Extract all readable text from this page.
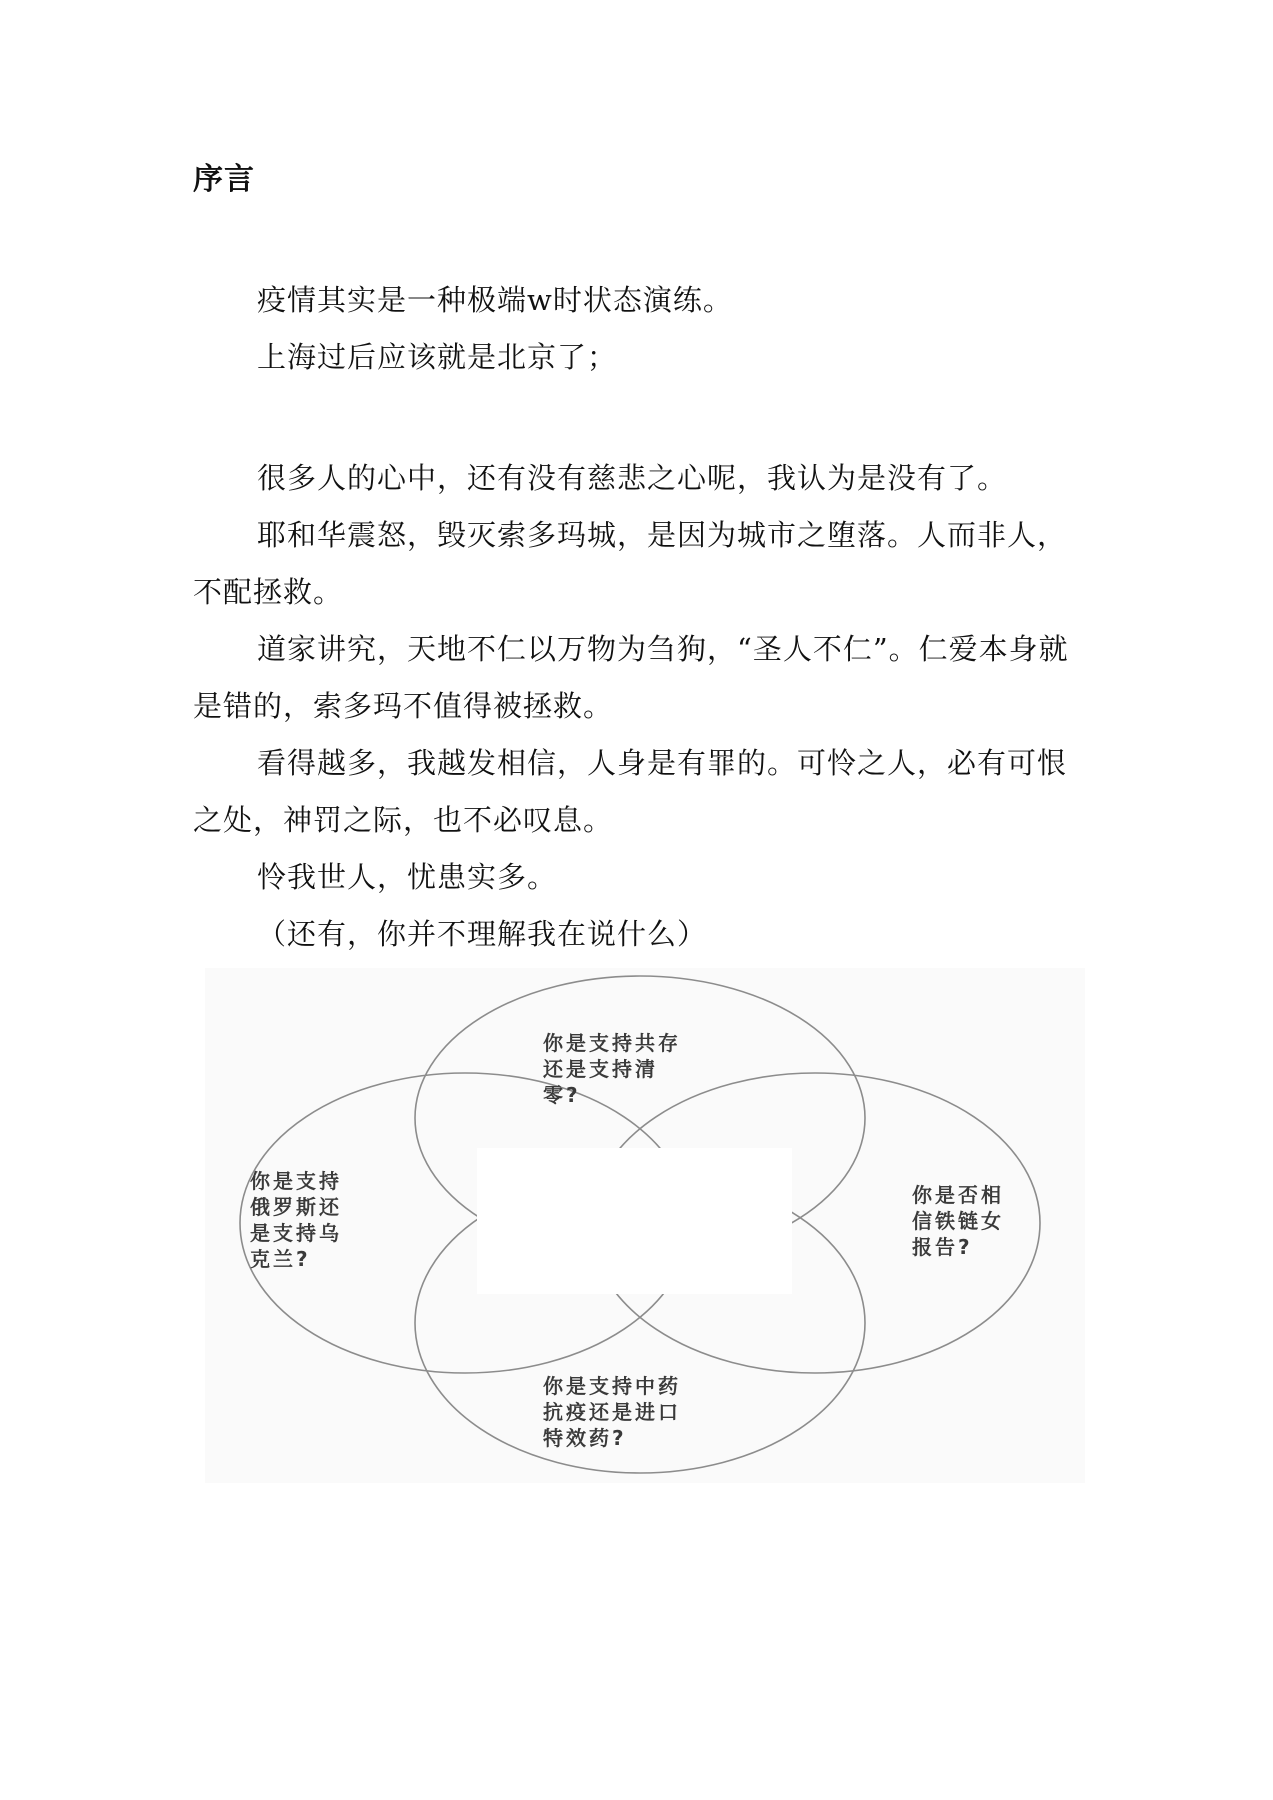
序言

疫情其实是一种极端w时状态演练。

上海过后应该就是北京了；

很多人的心中，还有没有慈悲之心呢，我认为是没有了。

耶和华震怒，毁灭索多玛城，是因为城市之堕落。人而非人，不配拯救。

道家讲究，天地不仁以万物为刍狗，“圣人不仁”。仁爱本身就是错的，索多玛不值得被拯救。

看得越多，我越发相信，人身是有罪的。可怜之人，必有可恨之处，神罚之际，也不必叹息。

怜我世人，忧患实多。

（还有，你并不理解我在说什么）

你是支持共存 还是支持清 零?
你是支持 俄罗斯还 是支持乌 克兰?
你是否相 信铁链女 报告?
你是支持中药 抗疫还是进口 特效药?
